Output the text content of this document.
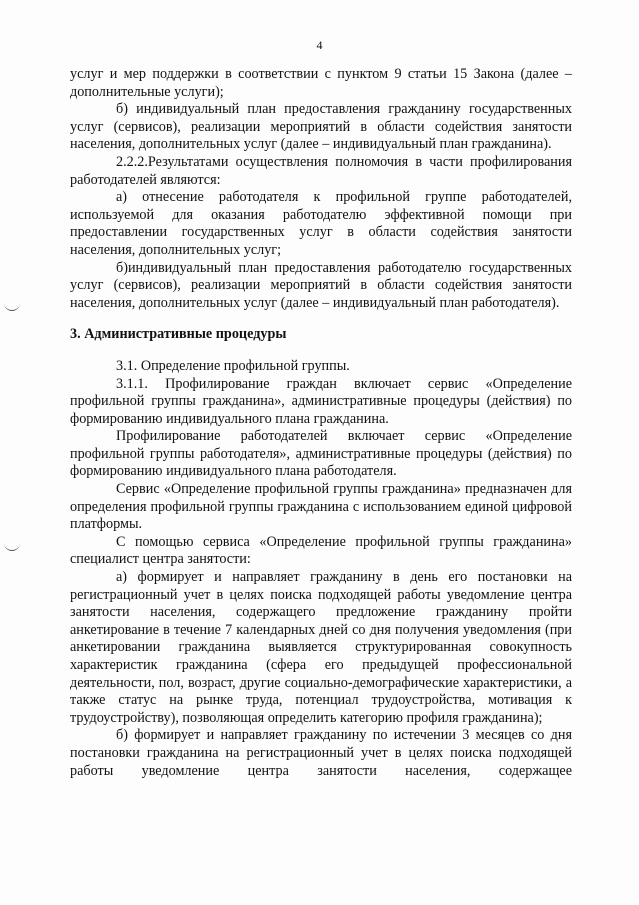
4

услуг и мер поддержки в соответствии с пунктом 9 статьи 15 Закона (далее – дополнительные услуги);

б) индивидуальный план предоставления гражданину государственных услуг (сервисов), реализации мероприятий в области содействия занятости населения, дополнительных услуг (далее – индивидуальный план гражданина).

2.2.2.Результатами осуществления полномочия в части профилирования работодателей являются:

а) отнесение работодателя к профильной группе работодателей, используемой для оказания работодателю эффективной помощи при предоставлении государственных услуг в области содействия занятости населения, дополнительных услуг;

б)индивидуальный план предоставления работодателю государственных услуг (сервисов), реализации мероприятий в области содействия занятости населения, дополнительных услуг (далее – индивидуальный план работодателя).

3. Административные процедуры

3.1. Определение профильной группы.

3.1.1. Профилирование граждан включает сервис «Определение профильной группы гражданина», административные процедуры (действия) по формированию индивидуального плана гражданина.

Профилирование работодателей включает сервис «Определение профильной группы работодателя», административные процедуры (действия) по формированию индивидуального плана работодателя.

Сервис «Определение профильной группы гражданина» предназначен для определения профильной группы гражданина с использованием единой цифровой платформы.

С помощью сервиса «Определение профильной группы гражданина» специалист центра занятости:

а) формирует и направляет гражданину в день его постановки на регистрационный учет в целях поиска подходящей работы уведомление центра занятости населения, содержащего предложение гражданину пройти анкетирование в течение 7 календарных дней со дня получения уведомления (при анкетировании гражданина выявляется структурированная совокупность характеристик гражданина (сфера его предыдущей профессиональной деятельности, пол, возраст, другие социально-демографические характеристики, а также статус на рынке труда, потенциал трудоустройства, мотивация к трудоустройству), позволяющая определить категорию профиля гражданина);

б) формирует и направляет гражданину по истечении 3 месяцев со дня постановки гражданина на регистрационный учет в целях поиска подходящей работы уведомление центра занятости населения, содержащее
